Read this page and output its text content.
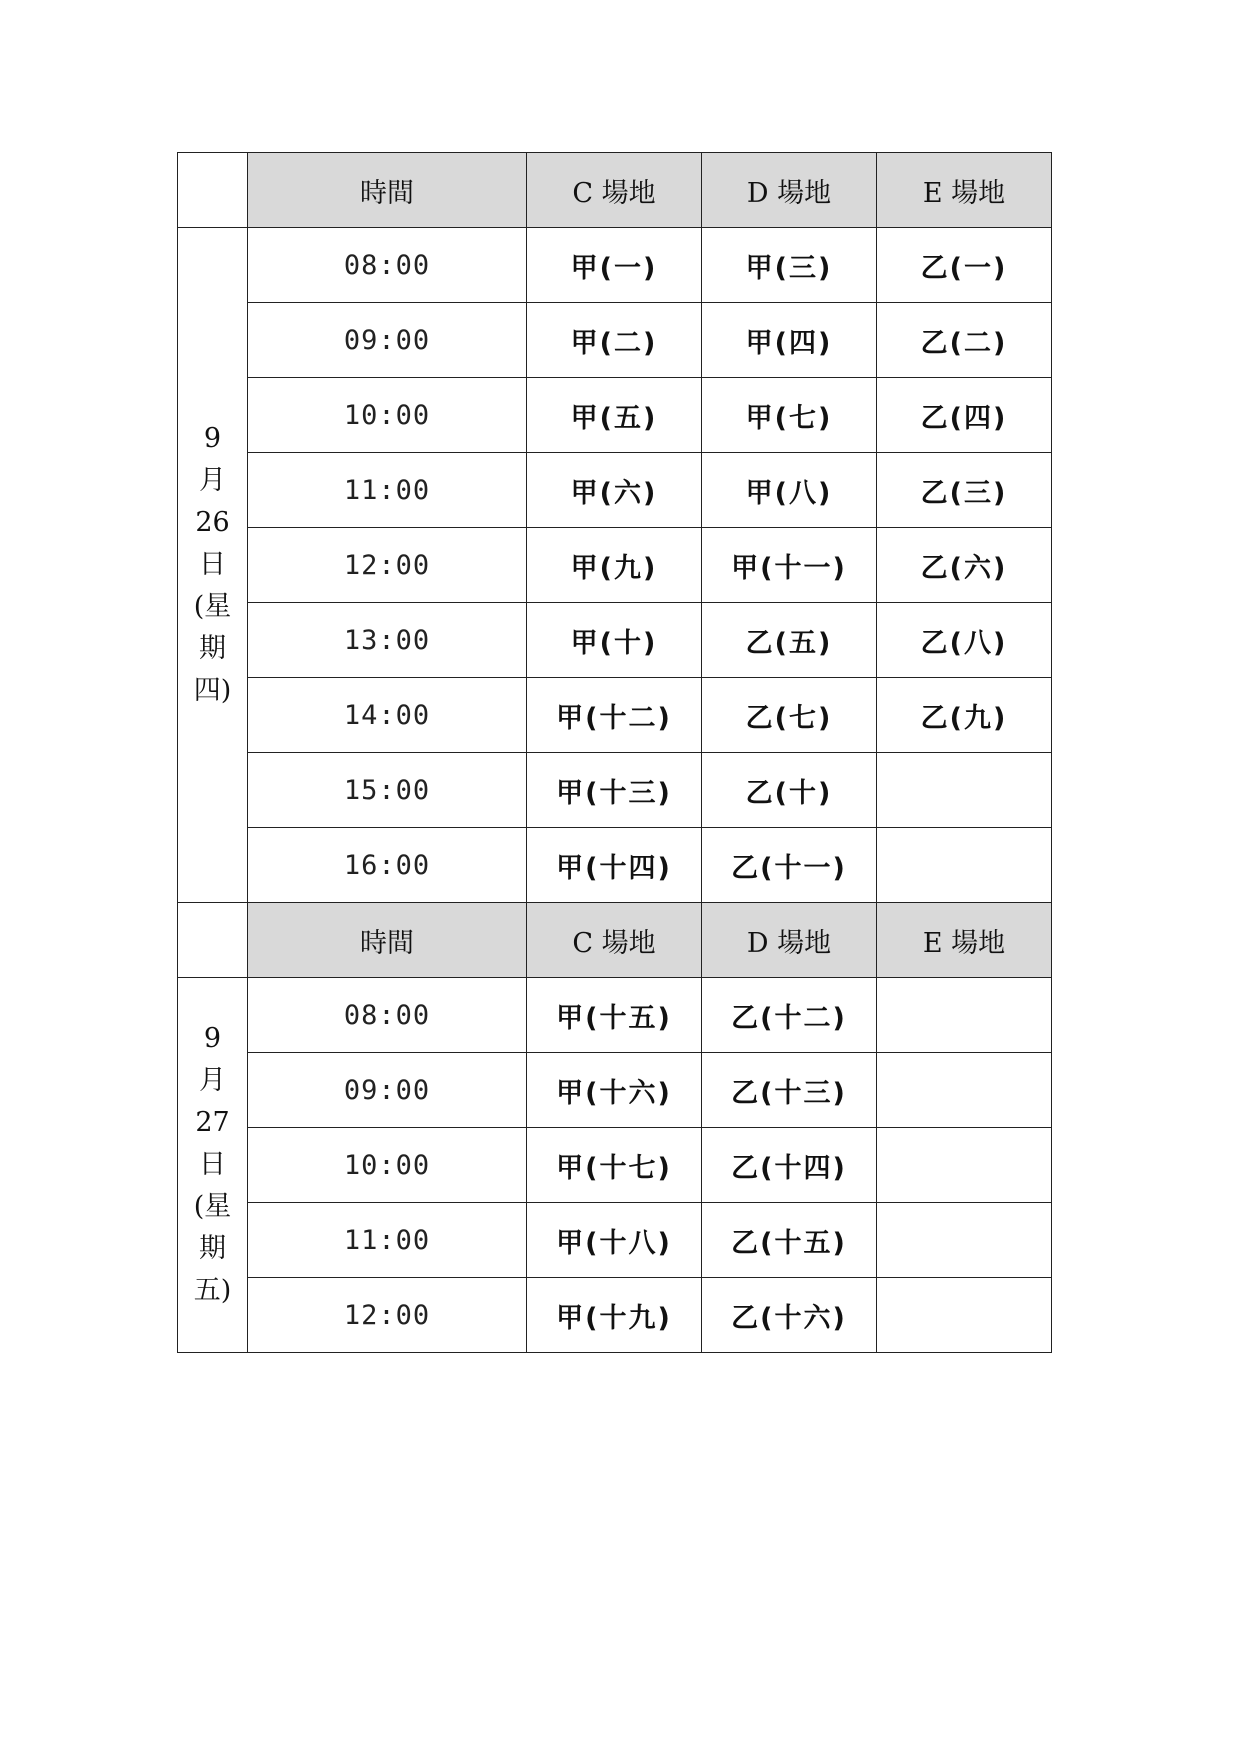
	時間	C 場地	D 場地	E 場地

9月26日(星期四)	08:00	甲(一)	甲(三)	乙(一)
	09:00	甲(二)	甲(四)	乙(二)
	10:00	甲(五)	甲(七)	乙(四)
	11:00	甲(六)	甲(八)	乙(三)
	12:00	甲(九)	甲(十一)	乙(六)
	13:00	甲(十)	乙(五)	乙(八)
	14:00	甲(十二)	乙(七)	乙(九)
	15:00	甲(十三)	乙(十)	
	16:00	甲(十四)	乙(十一)	
	時間	C 場地	D 場地	E 場地

9月27日(星期五)	08:00	甲(十五)	乙(十二)	
	09:00	甲(十六)	乙(十三)	
	10:00	甲(十七)	乙(十四)	
	11:00	甲(十八)	乙(十五)	
	12:00	甲(十九)	乙(十六)	
